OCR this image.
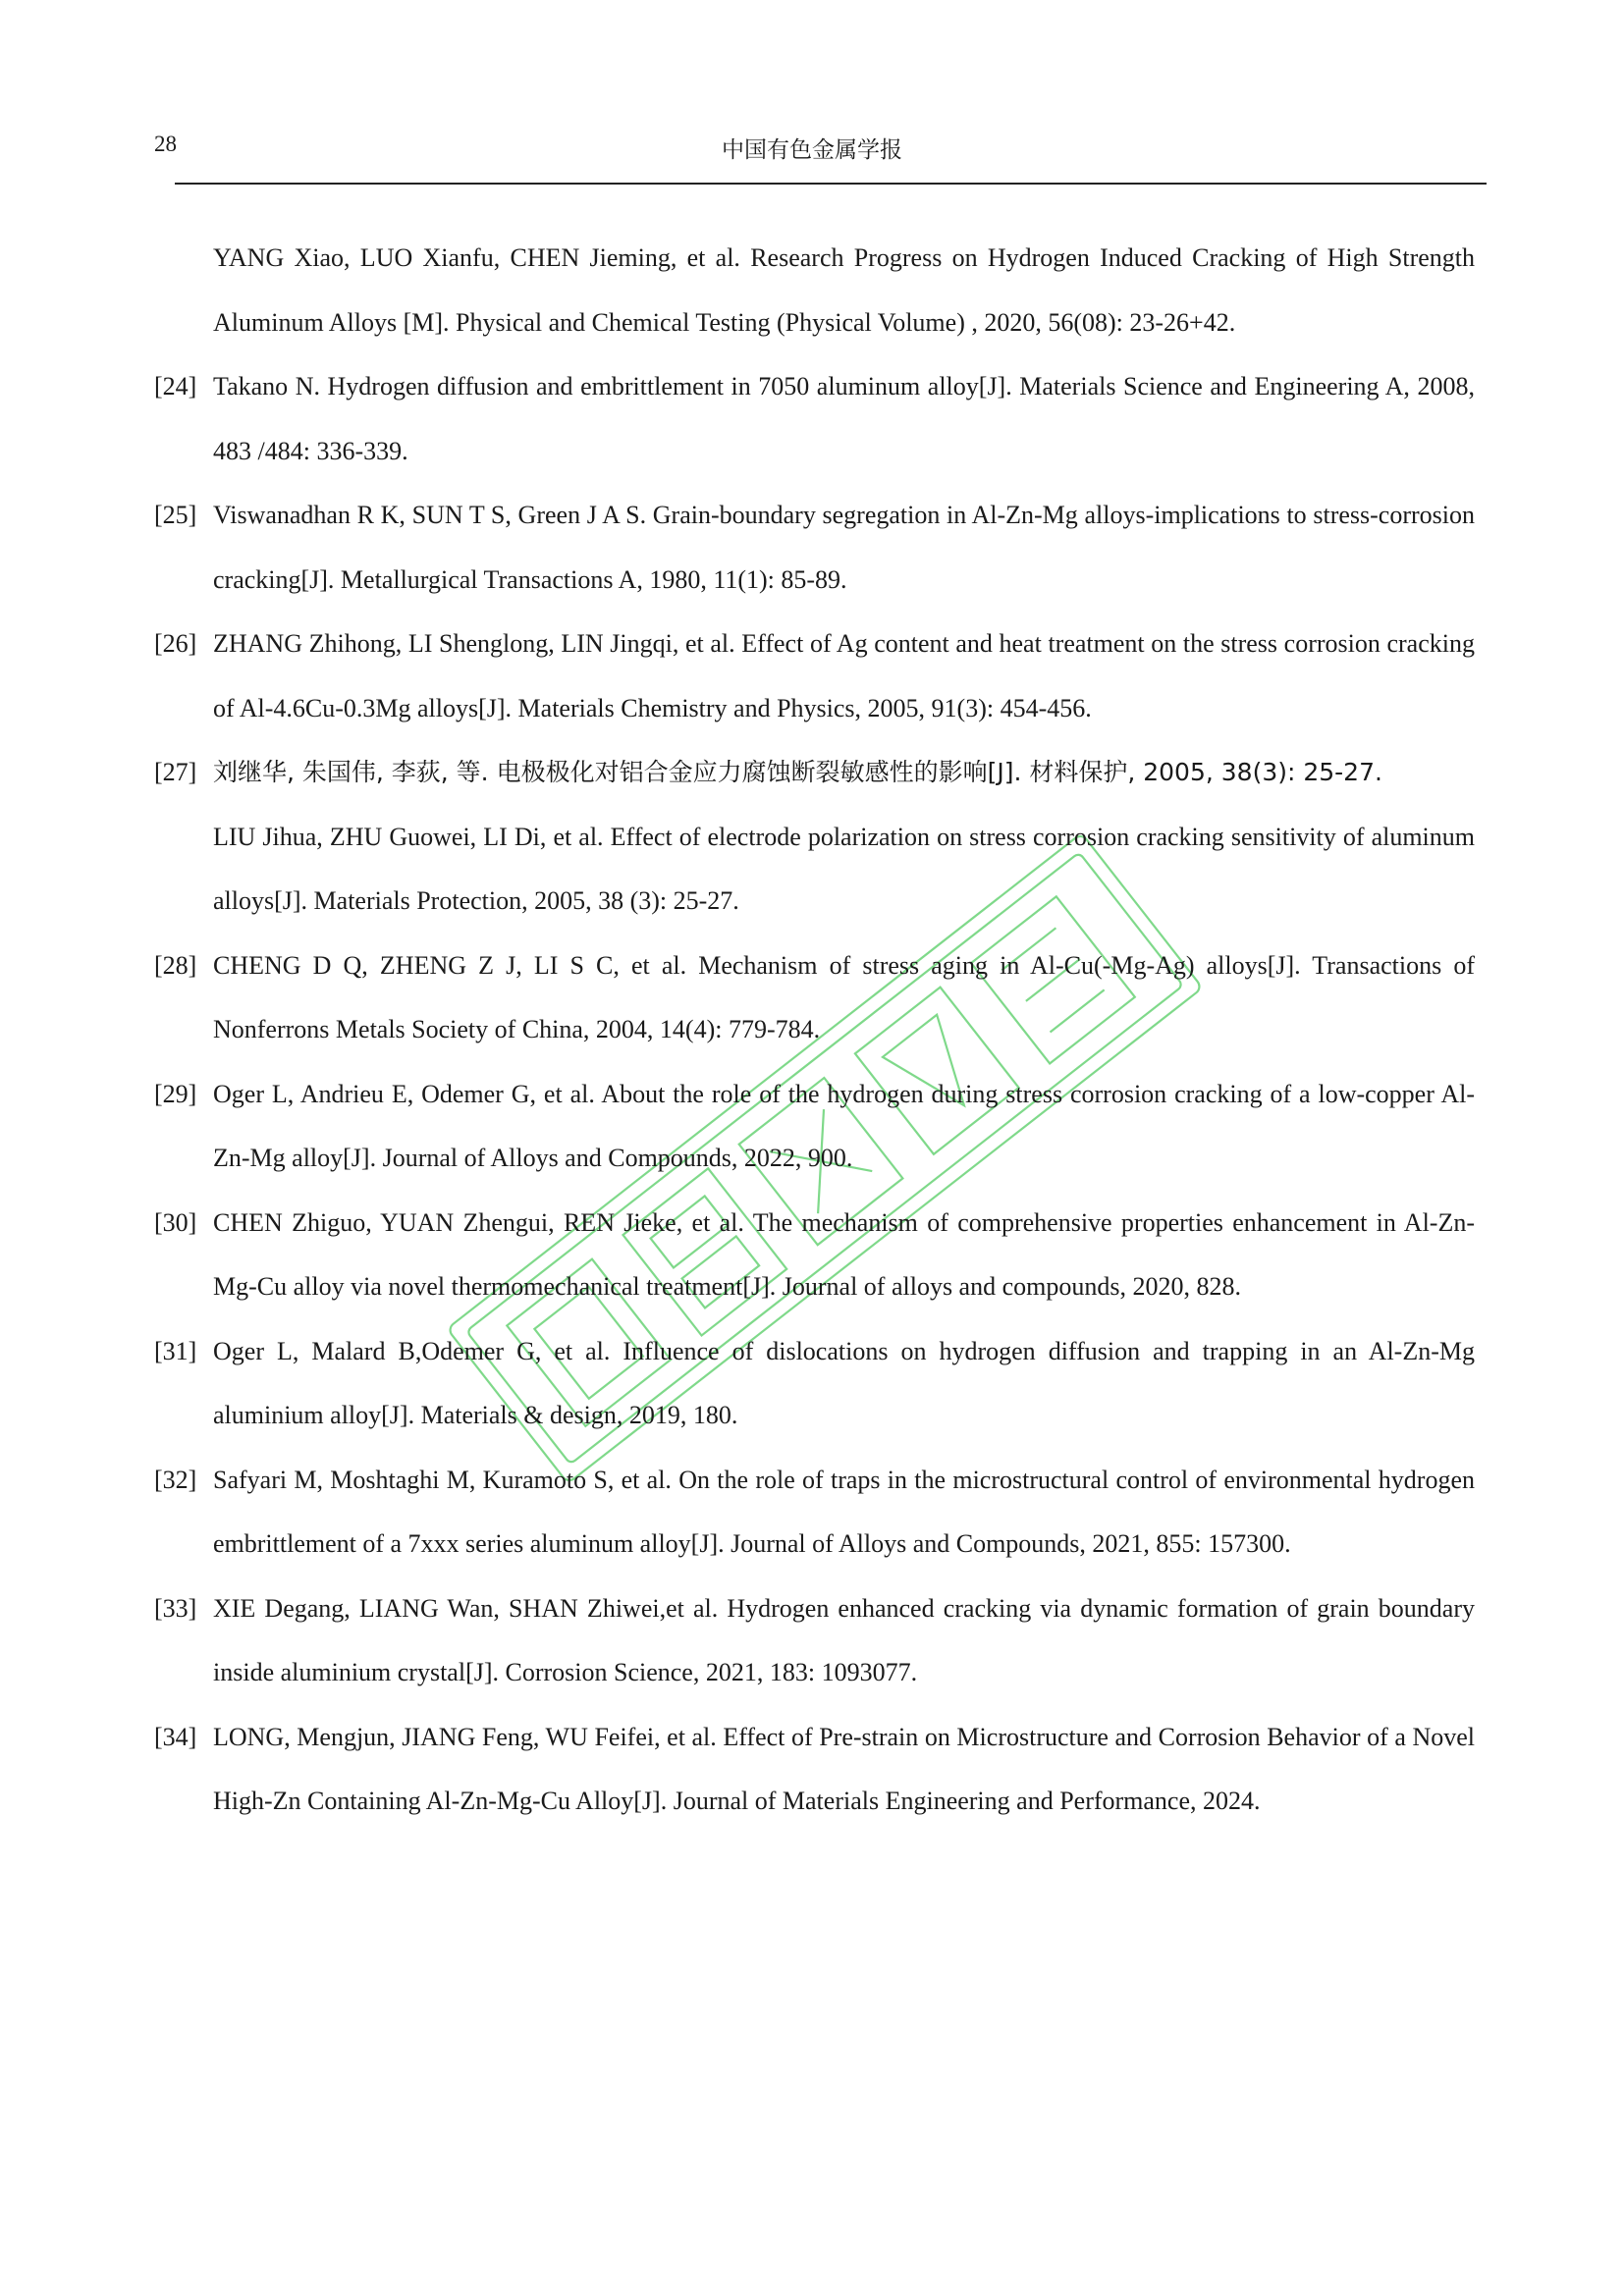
28	中国有色金属学报
YANG Xiao, LUO Xianfu, CHEN Jieming, et al. Research Progress on Hydrogen Induced Cracking of High Strength Aluminum Alloys [M]. Physical and Chemical Testing (Physical Volume) , 2020, 56(08): 23-26+42.
[24] Takano N. Hydrogen diffusion and embrittlement in 7050 aluminum alloy[J]. Materials Science and Engineering A, 2008, 483 /484: 336-339.
[25] Viswanadhan R K, SUN T S, Green J A S. Grain-boundary segregation in Al-Zn-Mg alloys-implications to stress-corrosion cracking[J]. Metallurgical Transactions A, 1980, 11(1): 85-89.
[26] ZHANG Zhihong, LI Shenglong, LIN Jingqi, et al. Effect of Ag content and heat treatment on the stress corrosion cracking of Al-4.6Cu-0.3Mg alloys[J]. Materials Chemistry and Physics, 2005, 91(3): 454-456.
[27] 刘继华, 朱国伟, 李荻, 等. 电极极化对铝合金应力腐蚀断裂敏感性的影响[J]. 材料保护, 2005, 38(3): 25-27.
LIU Jihua, ZHU Guowei, LI Di, et al. Effect of electrode polarization on stress corrosion cracking sensitivity of aluminum alloys[J]. Materials Protection, 2005, 38 (3): 25-27.
[28] CHENG D Q, ZHENG Z J, LI S C, et al. Mechanism of stress aging in Al-Cu(-Mg-Ag) alloys[J]. Transactions of Nonferrons Metals Society of China, 2004, 14(4): 779-784.
[29] Oger L, Andrieu E, Odemer G, et al. About the role of the hydrogen during stress corrosion cracking of a low-copper Al-Zn-Mg alloy[J]. Journal of Alloys and Compounds, 2022, 900.
[30] CHEN Zhiguo, YUAN Zhengui, REN Jieke, et al. The mechanism of comprehensive properties enhancement in Al-Zn-Mg-Cu alloy via novel thermomechanical treatment[J]. Journal of alloys and compounds, 2020, 828.
[31] Oger L, Malard B,Odemer G, et al. Influence of dislocations on hydrogen diffusion and trapping in an Al-Zn-Mg aluminium alloy[J]. Materials & design, 2019, 180.
[32] Safyari M, Moshtaghi M, Kuramoto S, et al. On the role of traps in the microstructural control of environmental hydrogen embrittlement of a 7xxx series aluminum alloy[J]. Journal of Alloys and Compounds, 2021, 855: 157300.
[33] XIE Degang, LIANG Wan, SHAN Zhiwei,et al. Hydrogen enhanced cracking via dynamic formation of grain boundary inside aluminium crystal[J]. Corrosion Science, 2021, 183: 1093077.
[34] LONG, Mengjun, JIANG Feng, WU Feifei, et al. Effect of Pre-strain on Microstructure and Corrosion Behavior of a Novel High-Zn Containing Al-Zn-Mg-Cu Alloy[J]. Journal of Materials Engineering and Performance, 2024.
